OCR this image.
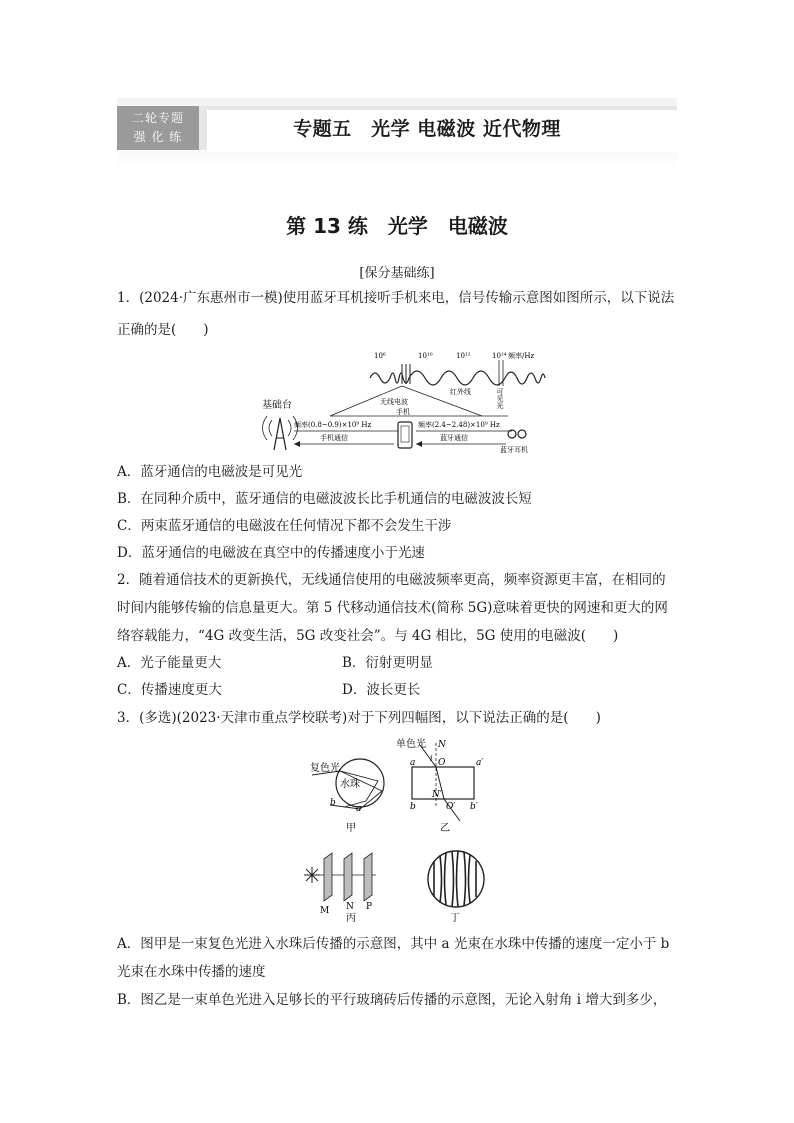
二轮专题
强 化 练	专题五　光学 电磁波 近代物理
第 13 练　光学　电磁波
[保分基础练]
1．(2024·广东惠州市一模)使用蓝牙耳机接听手机来电，信号传输示意图如图所示，以下说法
正确的是(　　)
10⁶	10¹⁰	10¹²	10¹⁴ 频率/Hz
无线电波
手机
红外线	可见光
基础台
频率(0.8~0.9)×10⁹ Hz
手机通信
频率(2.4~2.48)×10⁹ Hz
蓝牙通信
蓝牙耳机
A．蓝牙通信的电磁波是可见光
B．在同种介质中，蓝牙通信的电磁波波长比手机通信的电磁波波长短
C．两束蓝牙通信的电磁波在任何情况下都不会发生干涉
D．蓝牙通信的电磁波在真空中的传播速度小于光速
2．随着通信技术的更新换代，无线通信使用的电磁波频率更高，频率资源更丰富，在相同的
时间内能够传输的信息量更大。第 5 代移动通信技术(简称 5G)意味着更快的网速和更大的网
络容载能力，“4G 改变生活，5G 改变社会”。与 4G 相比，5G 使用的电磁波(　　)
A．光子能量更大	B．衍射更明显
C．传播速度更大	D．波长更长
3．(多选)(2023·天津市重点学校联考)对于下列四幅图，以下说法正确的是(　　)
复色光
水珠
a
b
甲
单色光 N
i O
a	a′
N′
O′
b	b′
乙
M N P
丙	丁
A．图甲是一束复色光进入水珠后传播的示意图，其中 a 光束在水珠中传播的速度一定小于 b
光束在水珠中传播的速度
B．图乙是一束单色光进入足够长的平行玻璃砖后传播的示意图，无论入射角 i 增大到多少，
